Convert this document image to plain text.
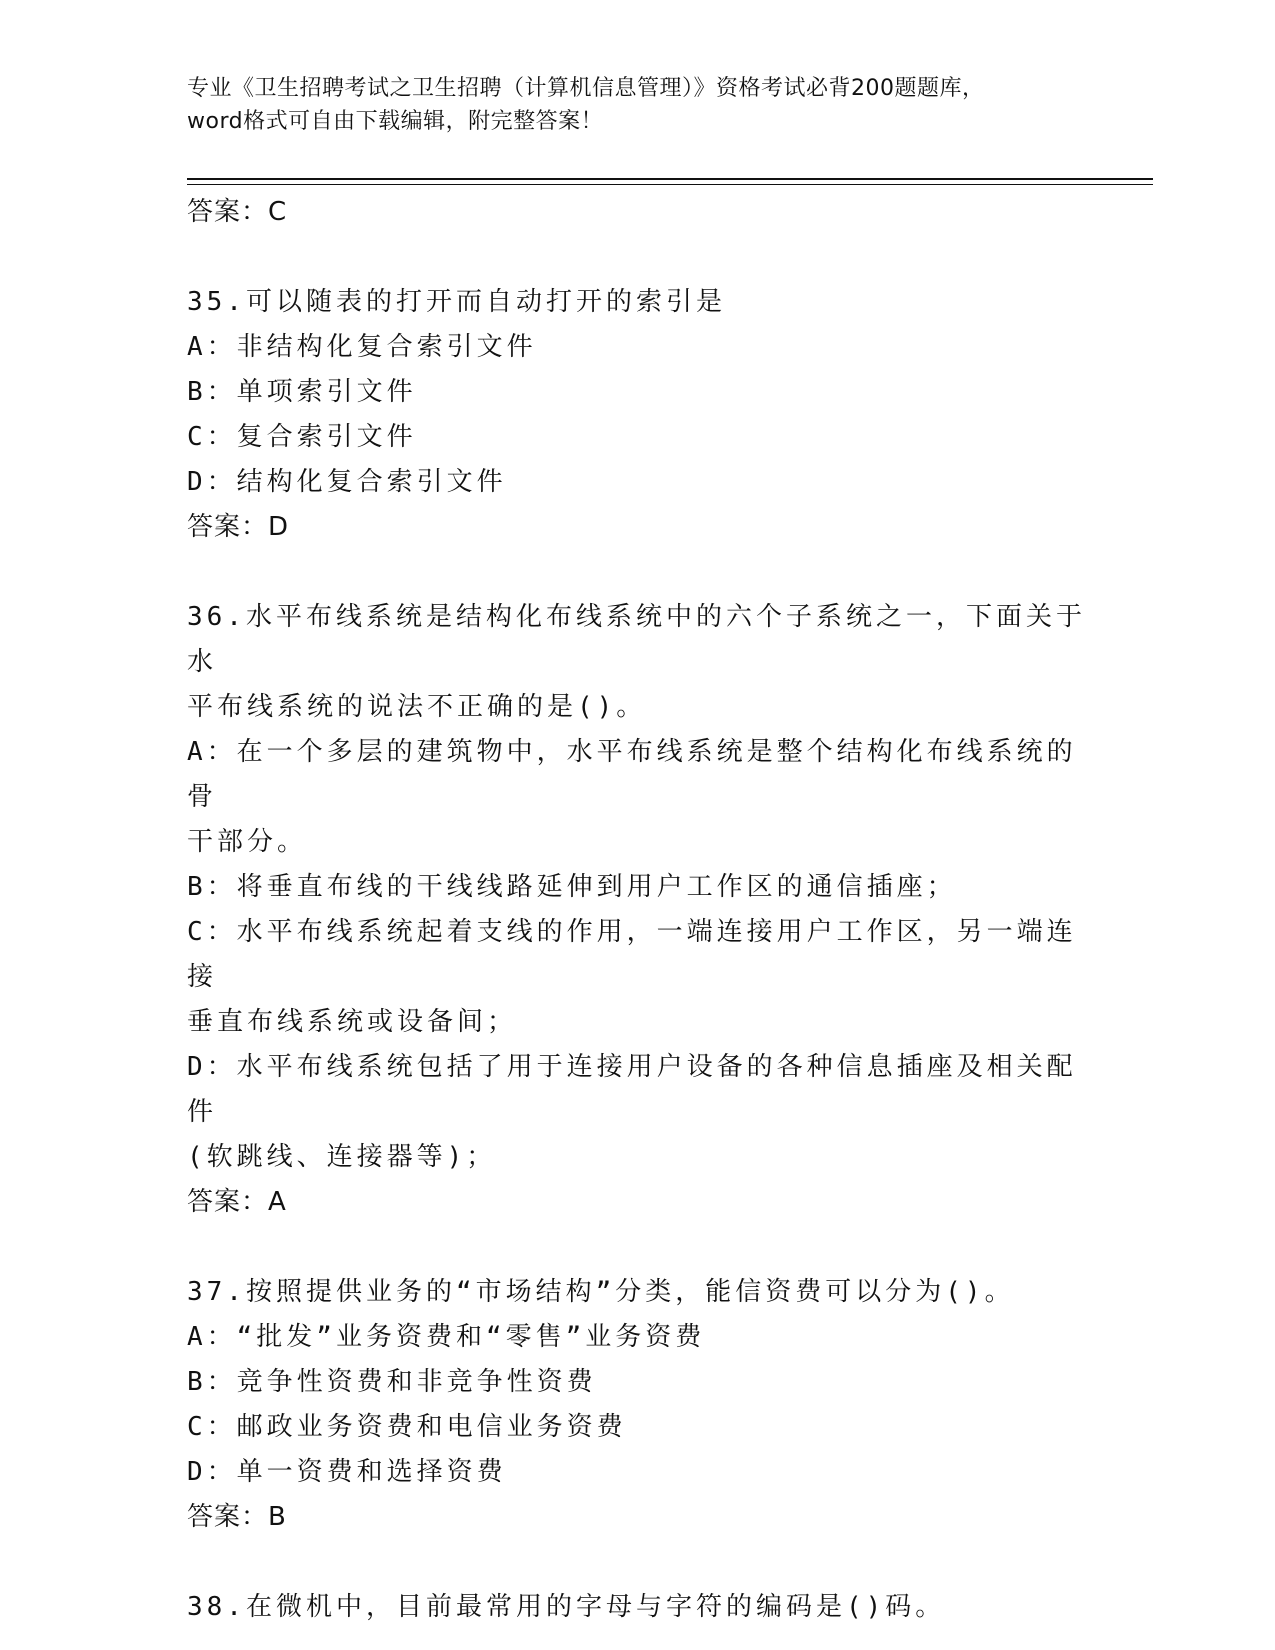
专业《卫生招聘考试之卫生招聘（计算机信息管理）》资格考试必背200题题库，
word格式可自由下载编辑，附完整答案！
答案：C
35.可以随表的打开而自动打开的索引是
A：非结构化复合索引文件
B：单项索引文件
C：复合索引文件
D：结构化复合索引文件
答案：D
36.水平布线系统是结构化布线系统中的六个子系统之一，下面关于水
平布线系统的说法不正确的是()。
A：在一个多层的建筑物中，水平布线系统是整个结构化布线系统的骨
干部分。
B：将垂直布线的干线线路延伸到用户工作区的通信插座；
C：水平布线系统起着支线的作用，一端连接用户工作区，另一端连接
垂直布线系统或设备间；
D：水平布线系统包括了用于连接用户设备的各种信息插座及相关配件
(软跳线、连接器等)；
答案：A
37.按照提供业务的“市场结构”分类，能信资费可以分为()。
A：“批发”业务资费和“零售”业务资费
B：竞争性资费和非竞争性资费
C：邮政业务资费和电信业务资费
D：单一资费和选择资费
答案：B
38.在微机中，目前最常用的字母与字符的编码是()码。
